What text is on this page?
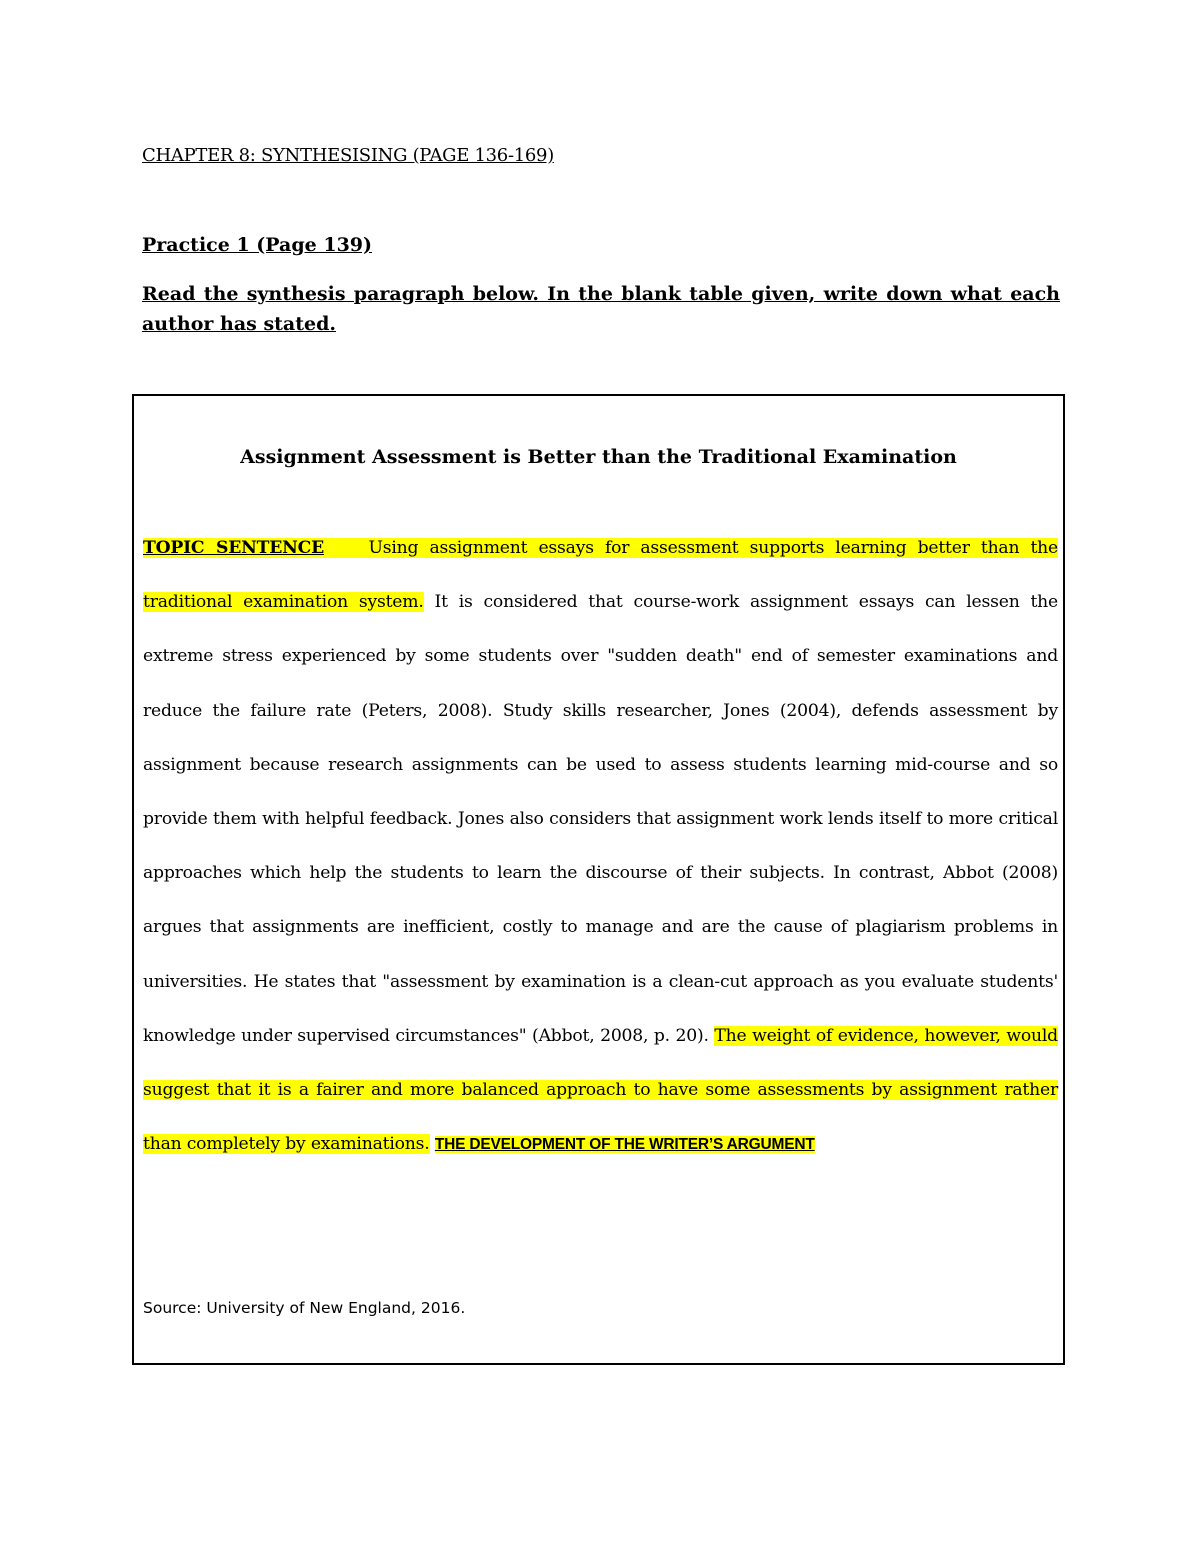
CHAPTER 8: SYNTHESISING (PAGE 136-169)
Practice 1 (Page 139)
Read the synthesis paragraph below. In the blank table given, write down what each author has stated.
Assignment Assessment is Better than the Traditional Examination
TOPIC SENTENCE	Using assignment essays for assessment supports learning better than the traditional examination system. It is considered that course-work assignment essays can lessen the extreme stress experienced by some students over "sudden death" end of semester examinations and reduce the failure rate (Peters, 2008). Study skills researcher, Jones (2004), defends assessment by assignment because research assignments can be used to assess students learning mid-course and so provide them with helpful feedback. Jones also considers that assignment work lends itself to more critical approaches which help the students to learn the discourse of their subjects. In contrast, Abbot (2008) argues that assignments are inefficient, costly to manage and are the cause of plagiarism problems in universities. He states that "assessment by examination is a clean-cut approach as you evaluate students' knowledge under supervised circumstances" (Abbot, 2008, p. 20). The weight of evidence, however, would suggest that it is a fairer and more balanced approach to have some assessments by assignment rather than completely by examinations. THE DEVELOPMENT OF THE WRITER’S ARGUMENT
Source: University of New England, 2016.
